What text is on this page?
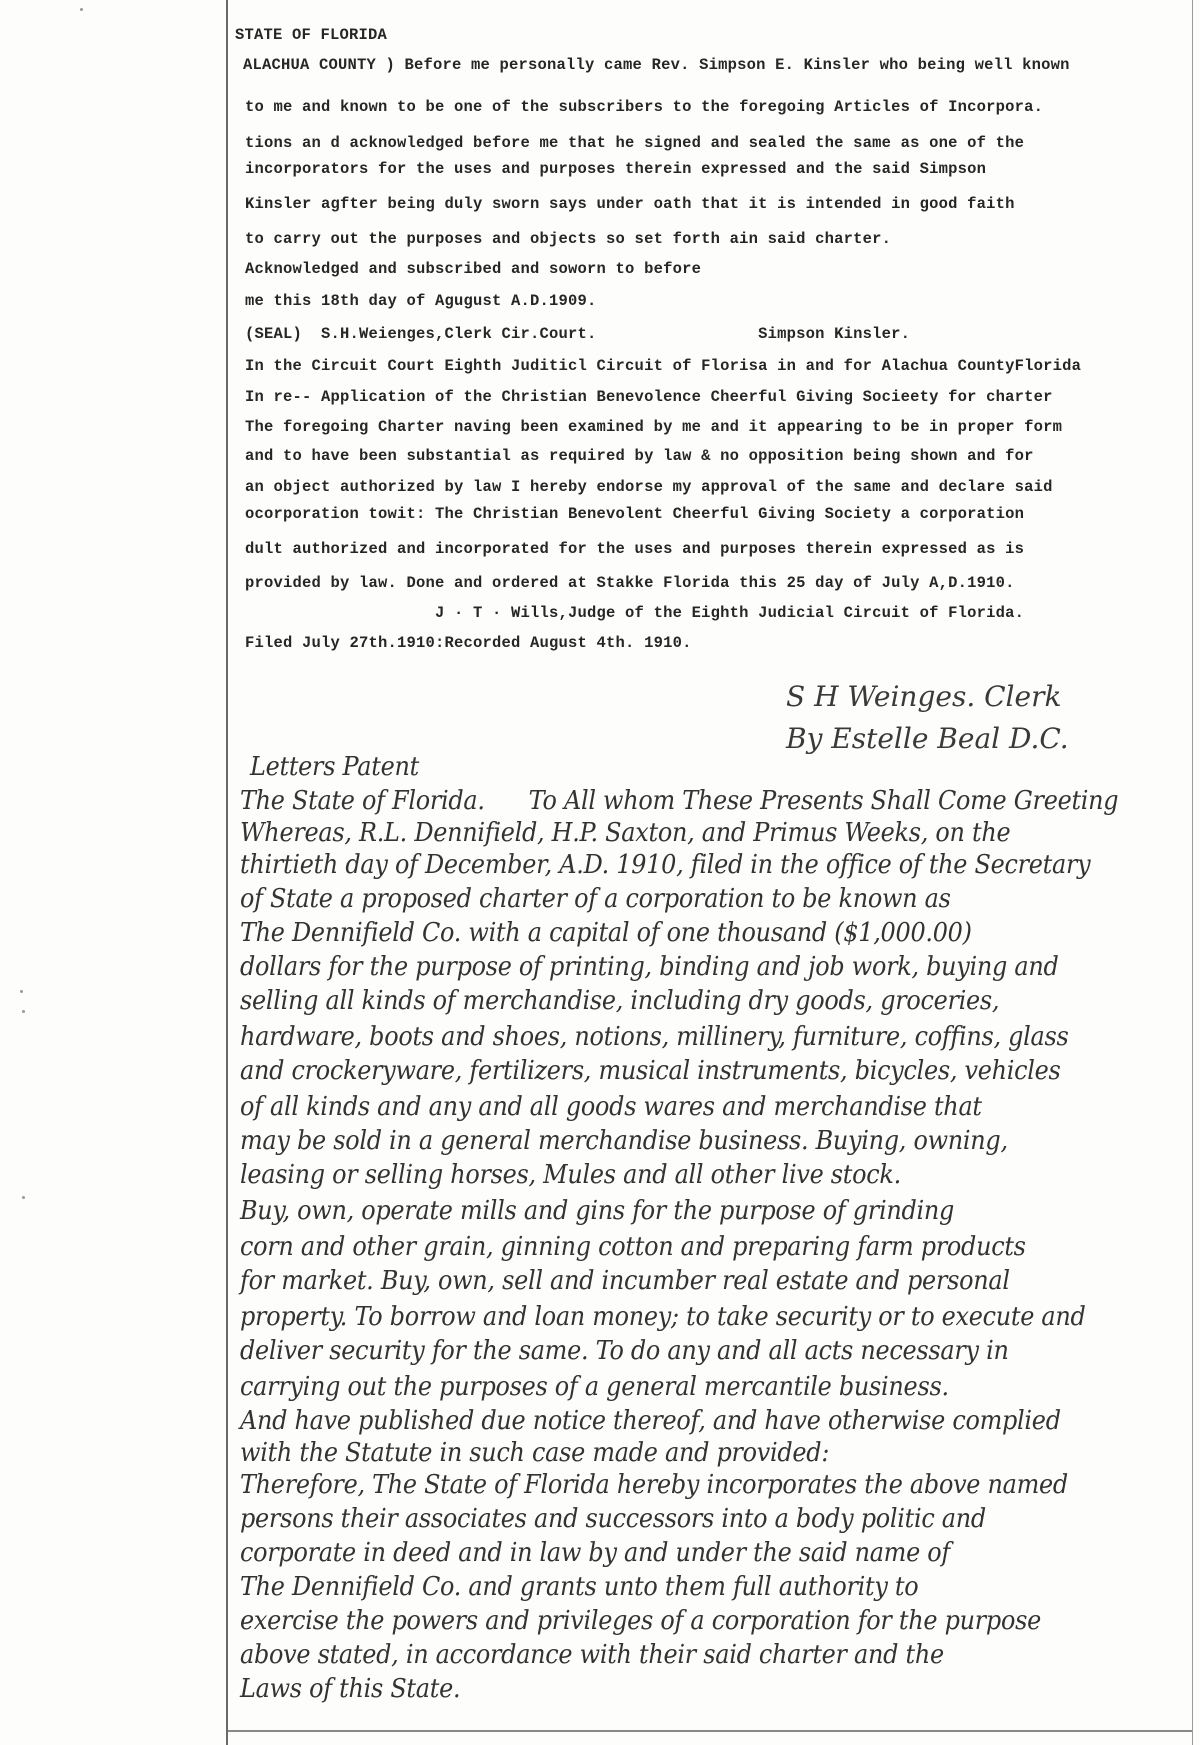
STATE OF FLORIDA
ALACHUA COUNTY ) Before me personally came Rev. Simpson E. Kinsler who being well known
to me and known to be one of the subscribers to the foregoing Articles of Incorpora.
tions an d acknowledged before me that he signed and sealed the same as one of the
incorporators for the uses and purposes therein expressed and the said Simpson
Kinsler agfter being duly sworn says under oath that it is intended in good faith
to carry out the purposes and objects so set forth ain said charter.
Acknowledged and subscribed and soworn to before
me this 18th day of Agugust A.D.1909.
(SEAL)  S.H.Weienges,Clerk Cir.Court.                 Simpson Kinsler.
In the Circuit Court Eighth Juditicl Circuit of Florisa in and for Alachua CountyFlorida
In re-- Application of the Christian Benevolence Cheerful Giving Socieety for charter
The foregoing Charter naving been examined by me and it appearing to be in proper form
and to have been substantial as required by law & no opposition being shown and for
an object authorized by law I hereby endorse my approval of the same and declare said
ocorporation towit: The Christian Benevolent Cheerful Giving Society a corporation
dult authorized and incorporated for the uses and purposes therein expressed as is
provided by law. Done and ordered at Stakke Florida this 25 day of July A,D.1910.
J · T · Wills,Judge of the Eighth Judicial Circuit of Florida.
Filed July 27th.1910:Recorded August 4th. 1910.
S H Weinges. Clerk
By Estelle Beal D.C.
Letters Patent
The State of Florida.      To All whom These Presents Shall Come Greeting
Whereas, R.L. Dennifield, H.P. Saxton, and Primus Weeks, on the
thirtieth day of December, A.D. 1910, filed in the office of the Secretary
of State a proposed charter of a corporation to be known as
The Dennifield Co. with a capital of one thousand ($1,000.00)
dollars for the purpose of printing, binding and job work, buying and
selling all kinds of merchandise, including dry goods, groceries,
hardware, boots and shoes, notions, millinery, furniture, coffins, glass
and crockeryware, fertilizers, musical instruments, bicycles, vehicles
of all kinds and any and all goods wares and merchandise that
may be sold in a general merchandise business. Buying, owning,
leasing or selling horses, Mules and all other live stock.
Buy, own, operate mills and gins for the purpose of grinding
corn and other grain, ginning cotton and preparing farm products
for market. Buy, own, sell and incumber real estate and personal
property. To borrow and loan money; to take security or to execute and
deliver security for the same. To do any and all acts necessary in
carrying out the purposes of a general mercantile business.
And have published due notice thereof, and have otherwise complied
with the Statute in such case made and provided:
Therefore, The State of Florida hereby incorporates the above named
persons their associates and successors into a body politic and
corporate in deed and in law by and under the said name of
The Dennifield Co. and grants unto them full authority to
exercise the powers and privileges of a corporation for the purpose
above stated, in accordance with their said charter and the
Laws of this State.
